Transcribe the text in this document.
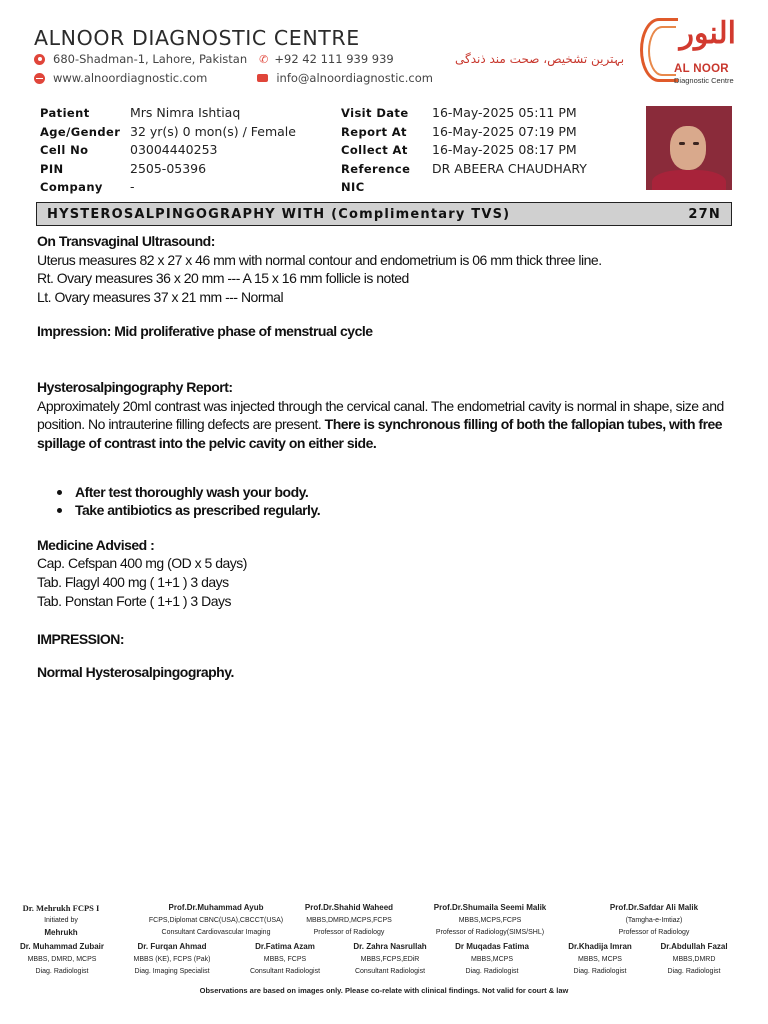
ALNOOR DIAGNOSTIC CENTRE
680-Shadman-1, Lahore, Pakistan ✆ +92 42 111 939 939
www.alnoordiagnostic.com	info@alnoordiagnostic.com
بہترین تشخیص، صحت مند ذندگی
النور
AL NOOR
Diagnostic Centre
Patient	Mrs Nimra Ishtiaq
Age/Gender 32 yr(s) 0 mon(s) / Female
Cell No	03004440253
PIN	2505-05396
Company	-
Visit Date	16-May-2025 05:11 PM
Report At	16-May-2025 07:19 PM
Collect At	16-May-2025 08:17 PM
Reference	DR ABEERA CHAUDHARY
NIC
HYSTEROSALPINGOGRAPHY WITH (Complimentary TVS)	27N

On Transvaginal Ultrasound:

Uterus measures 82 x 27 x 46 mm with normal contour and endometrium is 06 mm thick three line.

Rt. Ovary measures 36 x 20 mm --- A 15 x 16 mm follicle is noted

Lt. Ovary measures 37 x 21 mm --- Normal

Impression: Mid proliferative phase of menstrual cycle

Hysterosalpingography Report:

Approximately 20ml contrast was injected through the cervical canal. The endometrial cavity is normal in shape, size and position. No intrauterine filling defects are present. There is synchronous filling of both the fallopian tubes, with free spillage of contrast into the pelvic cavity on either side.

After test thoroughly wash your body.
Take antibiotics as prescribed regularly.

Medicine Advised :

Cap. Cefspan 400 mg (OD x 5 days)

Tab. Flagyl 400 mg ( 1+1 ) 3 days

Tab. Ponstan Forte ( 1+1 ) 3 Days

IMPRESSION:

Normal Hysterosalpingography.

Dr. Mehrukh FCPS I
Initiated by
Mehrukh
Prof.Dr.Muhammad Ayub
FCPS,Diplomat CBNC(USA),CBCCT(USA)
Consultant Cardiovascular Imaging
Prof.Dr.Shahid Waheed
MBBS,DMRD,MCPS,FCPS
Professor of Radiology
Prof.Dr.Shumaila Seemi Malik
MBBS,MCPS,FCPS
Professor of Radiology(SIMS/SHL)
Prof.Dr.Safdar Ali Malik
(Tamgha-e-Imtiaz)
Professor of Radiology
Dr. Muhammad Zubair
MBBS, DMRD, MCPS
Diag. Radiologist
Dr. Furqan Ahmad
MBBS (KE), FCPS (Pak)
Diag. Imaging Specialist
Dr.Fatima Azam
MBBS, FCPS
Consultant Radiologist
Dr. Zahra Nasrullah
MBBS,FCPS,EDiR
Consultant Radiologist
Dr Muqadas Fatima
MBBS,MCPS
Diag. Radiologist
Dr.Khadija Imran
MBBS, MCPS
Diag. Radiologist
Dr.Abdullah Fazal
MBBS,DMRD
Diag. Radiologist
Observations are based on images only. Please co-relate with clinical findings. Not valid for court & law
